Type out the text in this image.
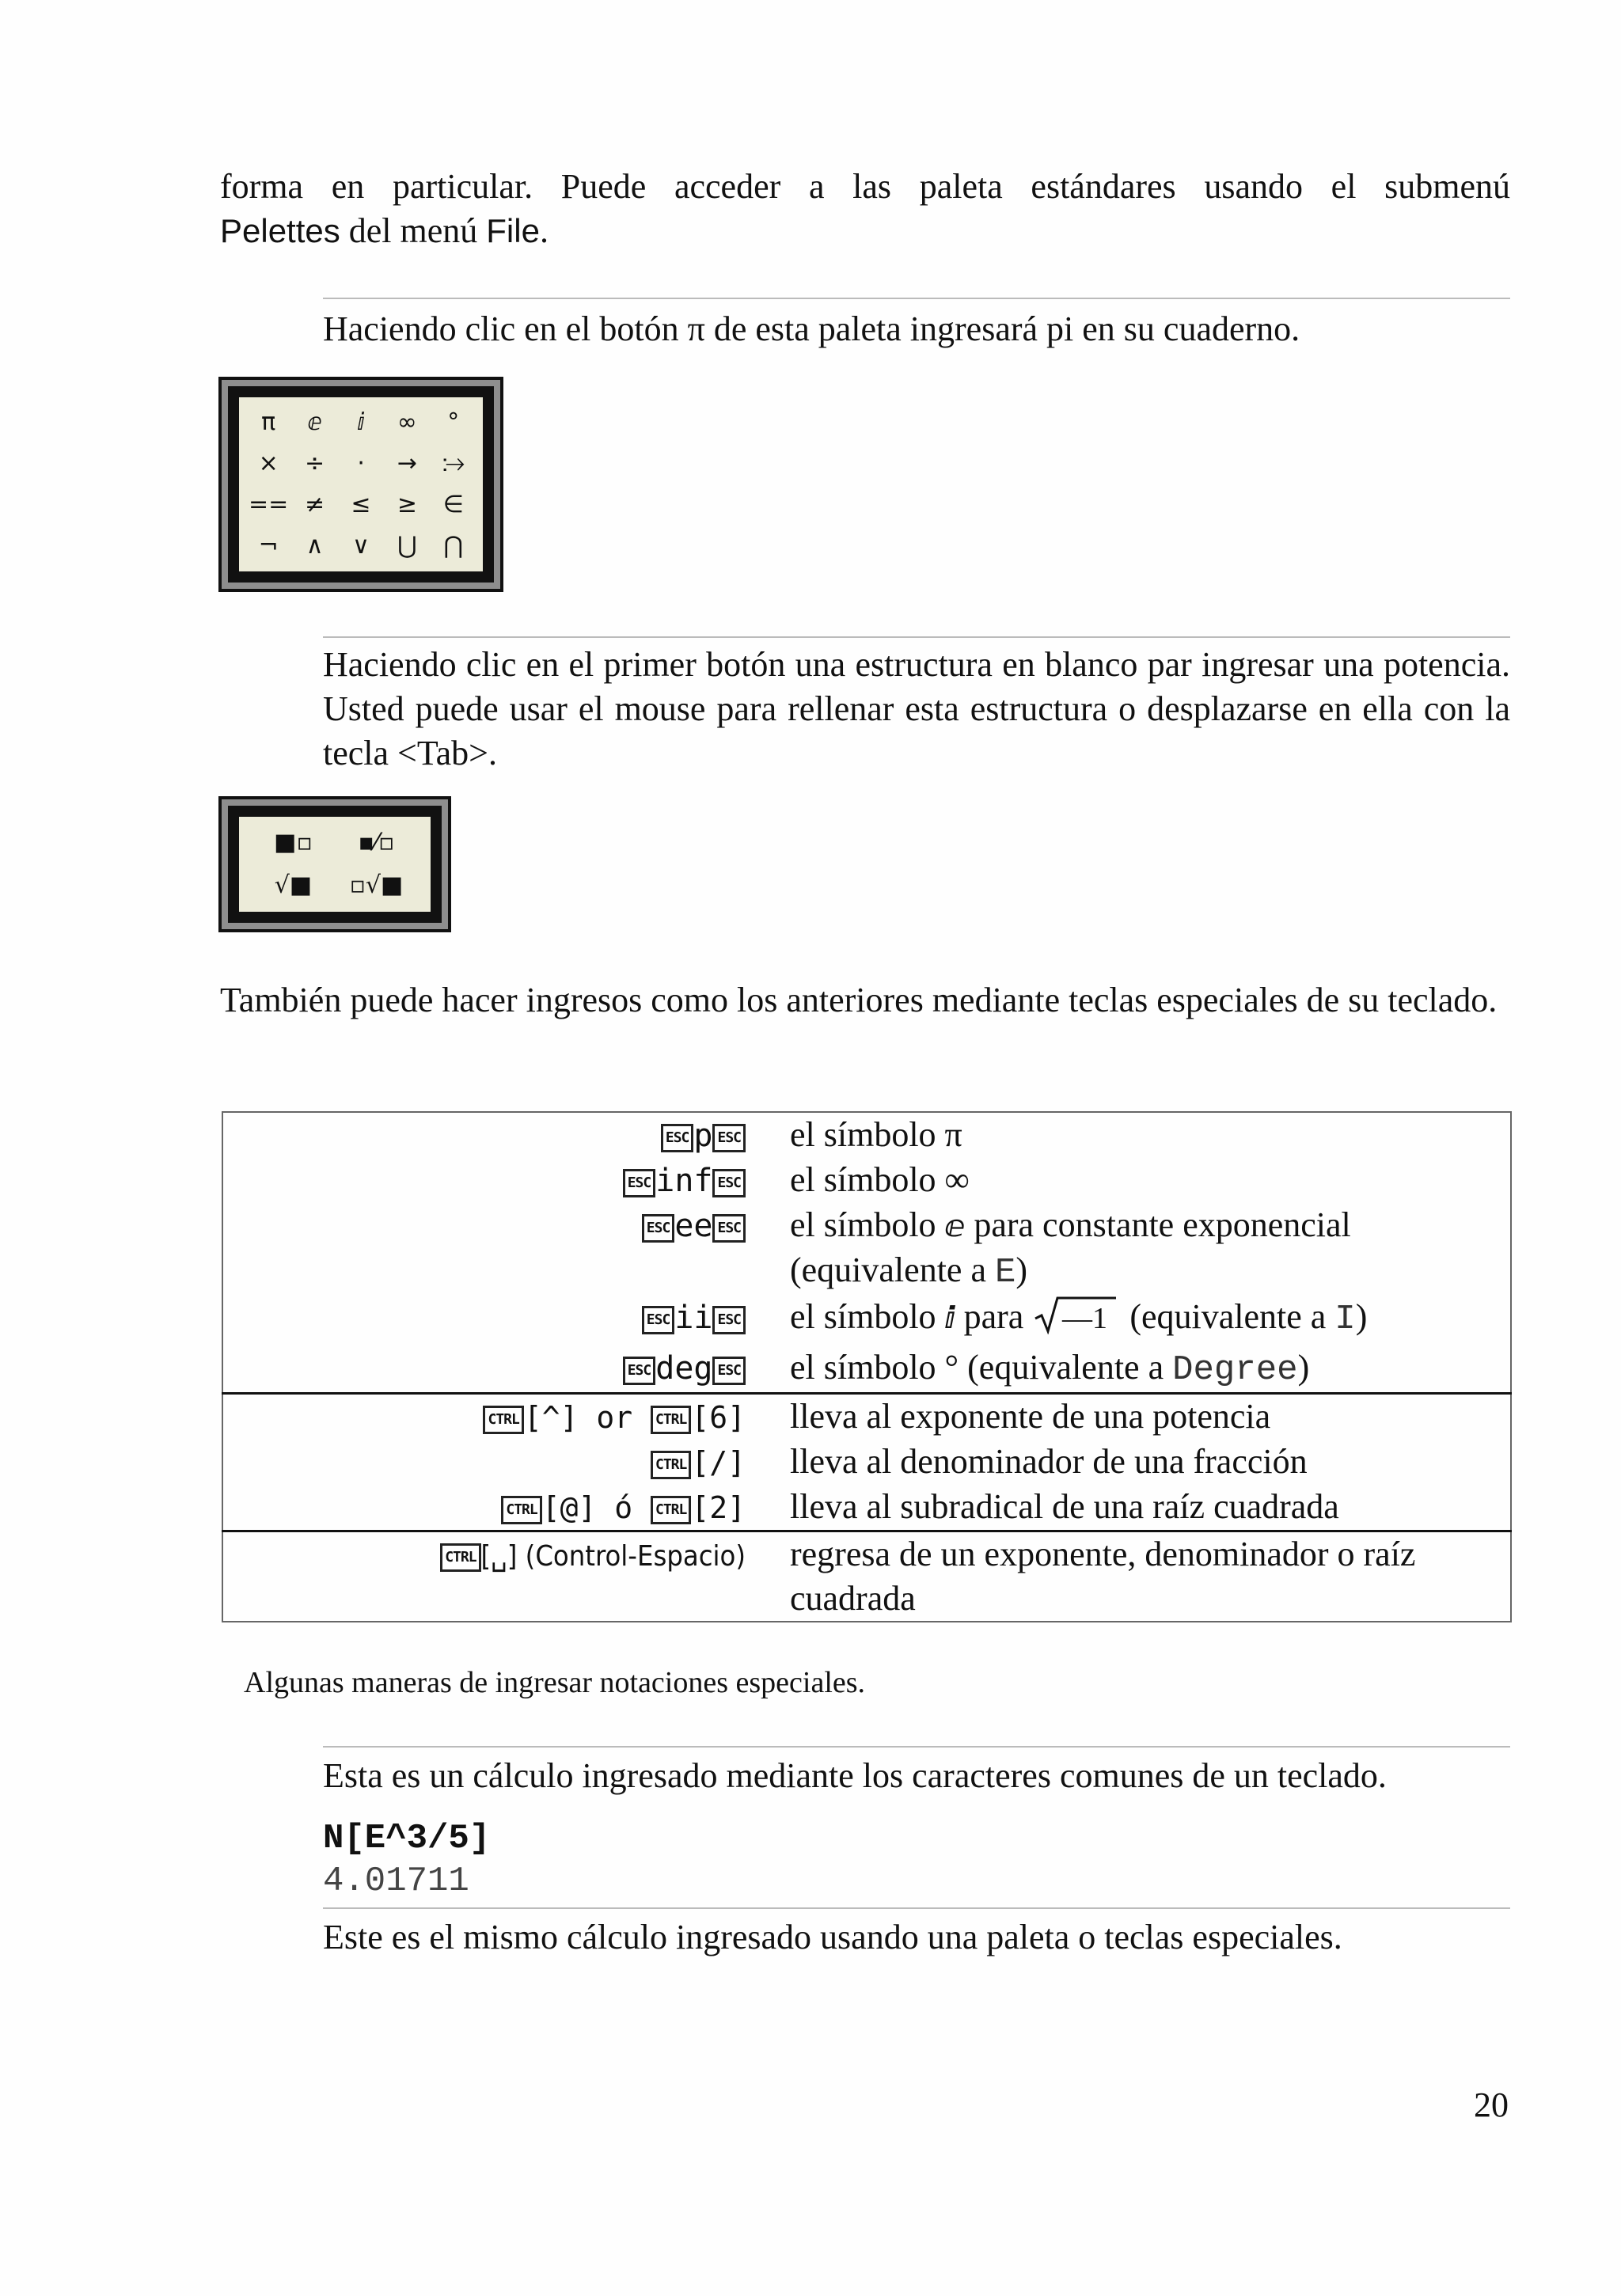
forma en particular. Puede acceder a las paleta estándares usando el submenú
Pelettes del menú File.
Haciendo clic en el botón π de esta paleta ingresará pi en su cuaderno.
π ⅇ ⅈ ∞ °
× ÷ ⋅ → ⧴
== ≠ ≤ ≥ ∈
¬ ∧ ∨ ⋃ ⋂
Haciendo clic en el primer botón una estructura en blanco par ingresar una potencia. Usted puede usar el mouse para rellenar esta estructura o desplazarse en ella con la tecla <Tab>.
■▫ ▪⁄▫
√■ ▫√■
También puede hacer ingresos como los anteriores mediante teclas especiales de su teclado.
ESC p ESC	el símbolo π
ESC inf ESC	el símbolo ∞
ESC ee ESC	el símbolo ⅇ para constante exponencial (equivalente a E)
ESC ii ESC	el símbolo ⅈ para —1 (equivalente a I)
ESC deg ESC	el símbolo ° (equivalente a Degree)
CTRL [^] or CTRL [6]	lleva al exponente de una potencia
CTRL [/]	lleva al denominador de una fracción
CTRL [@] ó CTRL [2]	lleva al subradical de una raíz cuadrada
CTRL [␣] (Control-Espacio)	regresa de un exponente, denominador o raíz cuadrada
Algunas maneras de ingresar notaciones especiales.
Esta es un cálculo ingresado mediante los caracteres comunes de un teclado.
N[E^3/5]
4.01711
Este es el mismo cálculo ingresado usando una paleta o teclas especiales.
20
